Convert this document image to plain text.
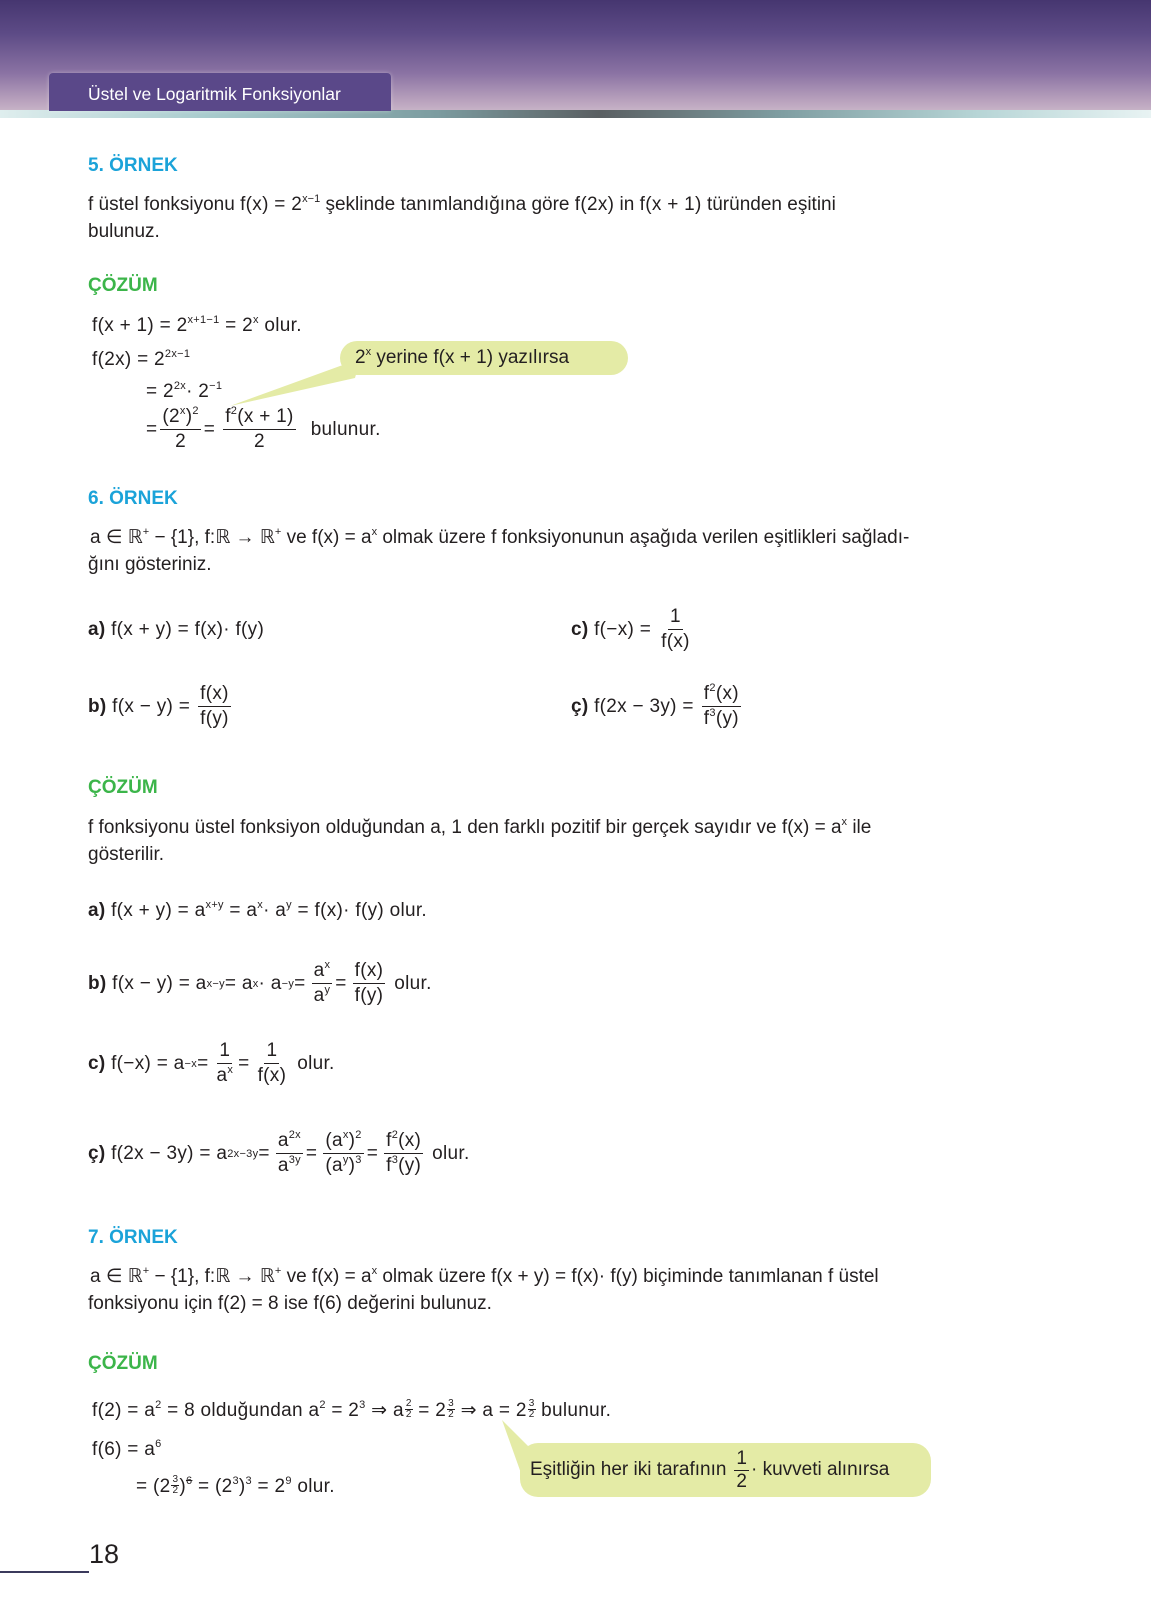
Üstel ve Logaritmik Fonksiyonlar
5. ÖRNEK
f üstel fonksiyonu $f(x) = 2^{x-1}$ şeklinde tanımlandığına göre f(2x) in f(x + 1) türünden eşitini
bulunuz.
ÇÖZÜM
$f(x + 1) = 2^{x+1-1} = 2^x$ olur.
$f(2x) = 2^{2x-1}$
= $2^{2x}\cdot 2^{-1}$
= $\frac{(2^x)^2}{2} = \frac{f^2(x + 1)}{2}$ bulunur.
2$^x$ yerine f(x + 1) yazılırsa
6. ÖRNEK
a ∈ ℝ+ − {1}, f:ℝ → ℝ+ ve $f(x) = a^x$ olmak üzere f fonksiyonunun aşağıda verilen eşitlikleri sağladı-
ğını gösteriniz.
a) f(x + y) = f(x)· f(y)
b)
$f(x - y) = \frac{f(x)}{f(y)}$
c)
$f(-x) = \frac{1}{f(x)}$
ç)
$f(2x - 3y) = \frac{f^2(x)}{f^3(y)}$
ÇÖZÜM
f fonksiyonu üstel fonksiyon olduğundan a, 1 den farklı pozitif bir gerçek sayıdır ve $f(x) = a^x$ ile
gösterilir.
a) $f(x + y) = a^{x+y} = a^x\cdot a^y = f(x)\cdot f(y)$ olur.
b)
f(x − y) = a x−y = a $x \cdot a -y = \frac{a^x}{a^y} = \frac{f(x)}{f(y)}$ olur.
c)
$f(-x) = a -x = \frac{1}{a^x} = \frac{1}{f(x)}$ olur.
ç)
f(2x − 3y) = a $2x-3y = \frac{a^{2x}}{a^{3y}} = \frac{(a^x)^2}{(a^y)^3} = \frac{f^2(x)}{f^3(y)}$ olur.
7. ÖRNEK
a ∈ ℝ+ − {1}, f:ℝ → ℝ+ ve $f(x) = a^x$ olmak üzere f(x + y) = f(x)· f(y) biçiminde tanımlanan f üstel
fonksiyonu için f(2) = 8 ise f(6) değerini bulunuz.
ÇÖZÜM
$f(2) = a^2 = 8$ olduğundan $a^2 = 2^3$ ⇒ a $\frac{2}{2} = 2 \frac{3}{2}$ ⇒ $a = 2 \frac{3}{2}$ bulunur.
$f(6) = a^6$
= $(2 \frac{3}{2} )^6 = (2^3)^3 = 2^9$ olur.
Eşitliğin her iki tarafının $\frac{1}{2}$ · kuvveti alınırsa
18
